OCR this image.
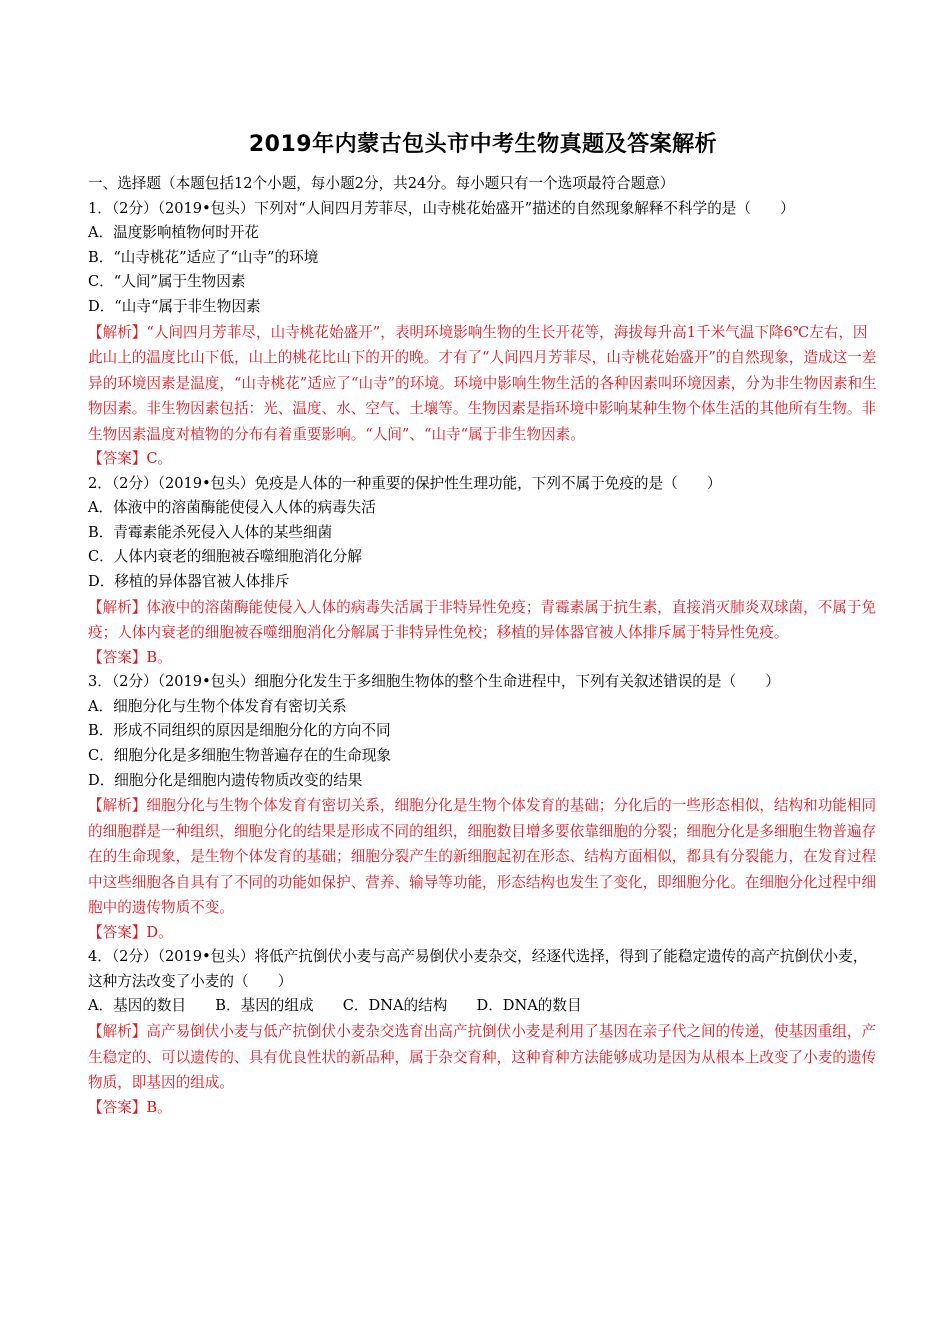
2019年内蒙古包头市中考生物真题及答案解析

一、选择题（本题包括12个小题，每小题2分，共24分。每小题只有一个选项最符合题意）

1．（2分）（2019•包头）下列对“人间四月芳菲尽，山寺桃花始盛开”描述的自然现象解释不科学的是（　　）

A．温度影响植物何时开花

B．“山寺桃花”适应了“山寺”的环境

C．“人间”属于生物因素

D．“山寺“属于非生物因素

【解析】“人间四月芳菲尽，山寺桃花始盛开”，表明环境影响生物的生长开花等，海拔每升高1千米气温下降6℃左右，因此山上的温度比山下低，山上的桃花比山下的开的晚。才有了“人间四月芳菲尽，山寺桃花始盛开”的自然现象，造成这一差异的环境因素是温度，“山寺桃花”适应了“山寺”的环境。环境中影响生物生活的各种因素叫环境因素，分为非生物因素和生物因素。非生物因素包括：光、温度、水、空气、土壤等。生物因素是指环境中影响某种生物个体生活的其他所有生物。非生物因素温度对植物的分布有着重要影响。“人间”、“山寺“属于非生物因素。

【答案】C。

2．（2分）（2019•包头）免疫是人体的一种重要的保护性生理功能，下列不属于免疫的是（　　）

A．体液中的溶菌酶能使侵入人体的病毒失活

B．青霉素能杀死侵入人体的某些细菌

C．人体内衰老的细胞被吞噬细胞消化分解

D．移植的异体器官被人体排斥

【解析】体液中的溶菌酶能使侵入人体的病毒失活属于非特异性免疫；青霉素属于抗生素，直接消灭肺炎双球菌，不属于免疫；人体内衰老的细胞被吞噬细胞消化分解属于非特异性免校；移植的异体器官被人体排斥属于特异性免疫。

【答案】B。

3．（2分）（2019•包头）细胞分化发生于多细胞生物体的整个生命进程中，下列有关叙述错误的是（　　）

A．细胞分化与生物个体发育有密切关系

B．形成不同组织的原因是细胞分化的方向不同

C．细胞分化是多细胞生物普遍存在的生命现象

D．细胞分化是细胞内遗传物质改变的结果

【解析】细胞分化与生物个体发育有密切关系，细胞分化是生物个体发育的基础；分化后的一些形态相似，结构和功能相同的细胞群是一种组织，细胞分化的结果是形成不同的组织，细胞数目增多要依靠细胞的分裂；细胞分化是多细胞生物普遍存在的生命现象，是生物个体发育的基础；细胞分裂产生的新细胞起初在形态、结构方面相似，都具有分裂能力，在发育过程中这些细胞各自具有了不同的功能如保护、营养、输导等功能，形态结构也发生了变化，即细胞分化。在细胞分化过程中细胞中的遗传物质不变。

【答案】D。

4．（2分）（2019•包头）将低产抗倒伏小麦与高产易倒伏小麦杂交，经逐代选择，得到了能稳定遗传的高产抗倒伏小麦，这种方法改变了小麦的（　　）

A．基因的数目　　B．基因的组成　　C．DNA的结构　　D．DNA的数目

【解析】高产易倒伏小麦与低产抗倒伏小麦杂交选育出高产抗倒伏小麦是利用了基因在亲子代之间的传递，使基因重组，产生稳定的、可以遗传的、具有优良性状的新品种，属于杂交育种，这种育种方法能够成功是因为从根本上改变了小麦的遗传物质，即基因的组成。

【答案】B。
